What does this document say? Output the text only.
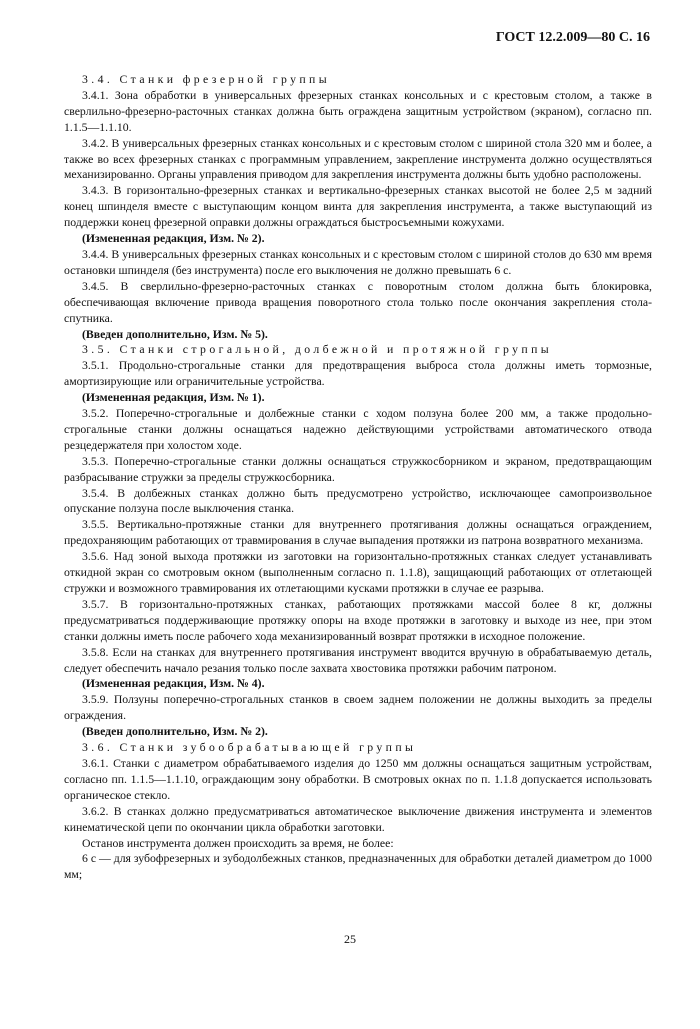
ГОСТ 12.2.009—80 С. 16

3.4. Станки фрезерной группы

3.4.1. Зона обработки в универсальных фрезерных станках консольных и с крестовым столом, а также в сверлильно-фрезерно-расточных станках должна быть ограждена защитным устройством (экраном), согласно пп. 1.1.5—1.1.10.

3.4.2. В универсальных фрезерных станках консольных и с крестовым столом с шириной стола 320 мм и более, а также во всех фрезерных станках с программным управлением, закрепление инструмента должно осуществляться механизированно. Органы управления приводом для закрепления инструмента должны быть удобно расположены.

3.4.3. В горизонтально-фрезерных станках и вертикально-фрезерных станках высотой не более 2,5 м задний конец шпинделя вместе с выступающим концом винта для закрепления инструмента, а также выступающий из поддержки конец фрезерной оправки должны ограждаться быстросъемными кожухами.

(Измененная редакция, Изм. № 2).

3.4.4. В универсальных фрезерных станках консольных и с крестовым столом с шириной столов до 630 мм время остановки шпинделя (без инструмента) после его выключения не должно превышать 6 с.

3.4.5. В сверлильно-фрезерно-расточных станках с поворотным столом должна быть блокировка, обеспечивающая включение привода вращения поворотного стола только после окончания закрепления стола-спутника.

(Введен дополнительно, Изм. № 5).

3.5. Станки строгальной, долбежной и протяжной группы

3.5.1. Продольно-строгальные станки для предотвращения выброса стола должны иметь тормозные, амортизирующие или ограничительные устройства.

(Измененная редакция, Изм. № 1).

3.5.2. Поперечно-строгальные и долбежные станки с ходом ползуна более 200 мм, а также продольно-строгальные станки должны оснащаться надежно действующими устройствами автоматического отвода резцедержателя при холостом ходе.

3.5.3. Поперечно-строгальные станки должны оснащаться стружкосборником и экраном, предотвращающим разбрасывание стружки за пределы стружкосборника.

3.5.4. В долбежных станках должно быть предусмотрено устройство, исключающее самопроизвольное опускание ползуна после выключения станка.

3.5.5. Вертикально-протяжные станки для внутреннего протягивания должны оснащаться ограждением, предохраняющим работающих от травмирования в случае выпадения протяжки из патрона возвратного механизма.

3.5.6. Над зоной выхода протяжки из заготовки на горизонтально-протяжных станках следует устанавливать откидной экран со смотровым окном (выполненным согласно п. 1.1.8), защищающий работающих от отлетающей стружки и возможного травмирования их отлетающими кусками протяжки в случае ее разрыва.

3.5.7. В горизонтально-протяжных станках, работающих протяжками массой более 8 кг, должны предусматриваться поддерживающие протяжку опоры на входе протяжки в заготовку и выходе из нее, при этом станки должны иметь после рабочего хода механизированный возврат протяжки в исходное положение.

3.5.8. Если на станках для внутреннего протягивания инструмент вводится вручную в обрабатываемую деталь, следует обеспечить начало резания только после захвата хвостовика протяжки рабочим патроном.

(Измененная редакция, Изм. № 4).

3.5.9. Ползуны поперечно-строгальных станков в своем заднем положении не должны выходить за пределы ограждения.

(Введен дополнительно, Изм. № 2).

3.6. Станки зубообрабатывающей группы

3.6.1. Станки с диаметром обрабатываемого изделия до 1250 мм должны оснащаться защитным устройствам, согласно пп. 1.1.5—1.1.10, ограждающим зону обработки. В смотровых окнах по п. 1.1.8 допускается использовать органическое стекло.

3.6.2. В станках должно предусматриваться автоматическое выключение движения инструмента и элементов кинематической цепи по окончании цикла обработки заготовки.

Останов инструмента должен происходить за время, не более:

6 с — для зубофрезерных и зубодолбежных станков, предназначенных для обработки деталей диаметром до 1000 мм;

25
